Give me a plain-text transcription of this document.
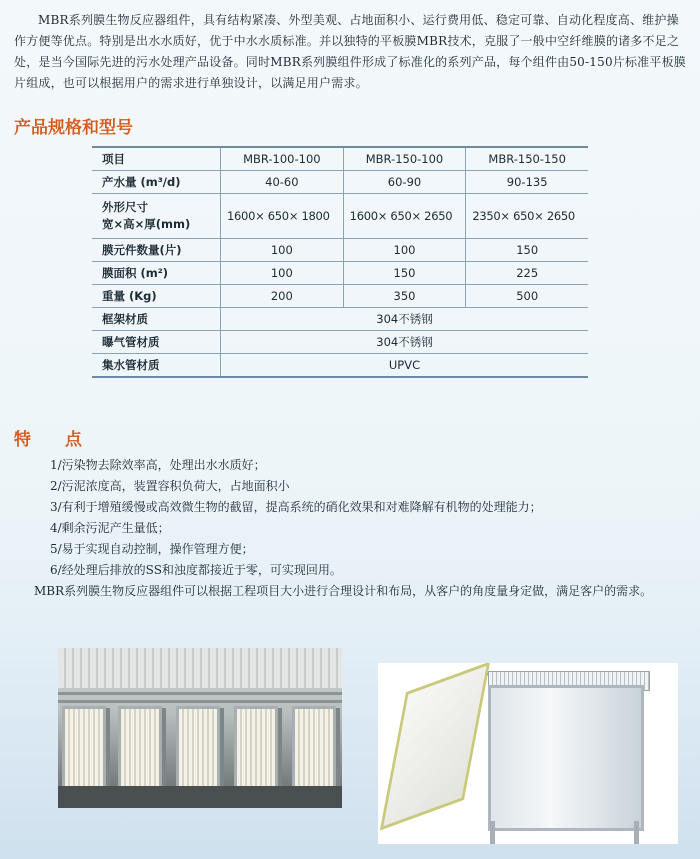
MBR系列膜生物反应器组件，具有结构紧凑、外型美观、占地面积小、运行费用低、稳定可靠、自动化程度高、维护操作方便等优点。特别是出水水质好，优于中水水质标准。并以独特的平板膜MBR技术，克服了一般中空纤维膜的诸多不足之处，是当今国际先进的污水处理产品设备。同时MBR系列膜组件形成了标准化的系列产品，每个组件由50-150片标准平板膜片组成，也可以根据用户的需求进行单独设计，以满足用户需求。
产品规格和型号
项目	MBR-100-100	MBR-150-100	MBR-150-150
产水量 (m³/d)	40-60	60-90	90-135

外形尺寸
宽×高×厚(mm)	1600× 650× 1800	1600× 650× 2650	2350× 650× 2650
膜元件数量(片)	100	100	150
膜面积 (m²)	100	150	225
重量 (Kg)	200	350	500
框架材质	304不锈钢		
曝气管材质	304不锈钢		
集水管材质	UPVC		
特 点
1/污染物去除效率高，处理出水水质好；
2/污泥浓度高，装置容积负荷大，占地面积小
3/有利于增殖缓慢或高效微生物的截留，提高系统的硝化效果和对难降解有机物的处理能力；
4/剩余污泥产生量低；
5/易于实现自动控制，操作管理方便；
6/经处理后排放的SS和浊度都接近于零，可实现回用。
MBR系列膜生物反应器组件可以根据工程项目大小进行合理设计和布局，从客户的角度量身定做，满足客户的需求。
